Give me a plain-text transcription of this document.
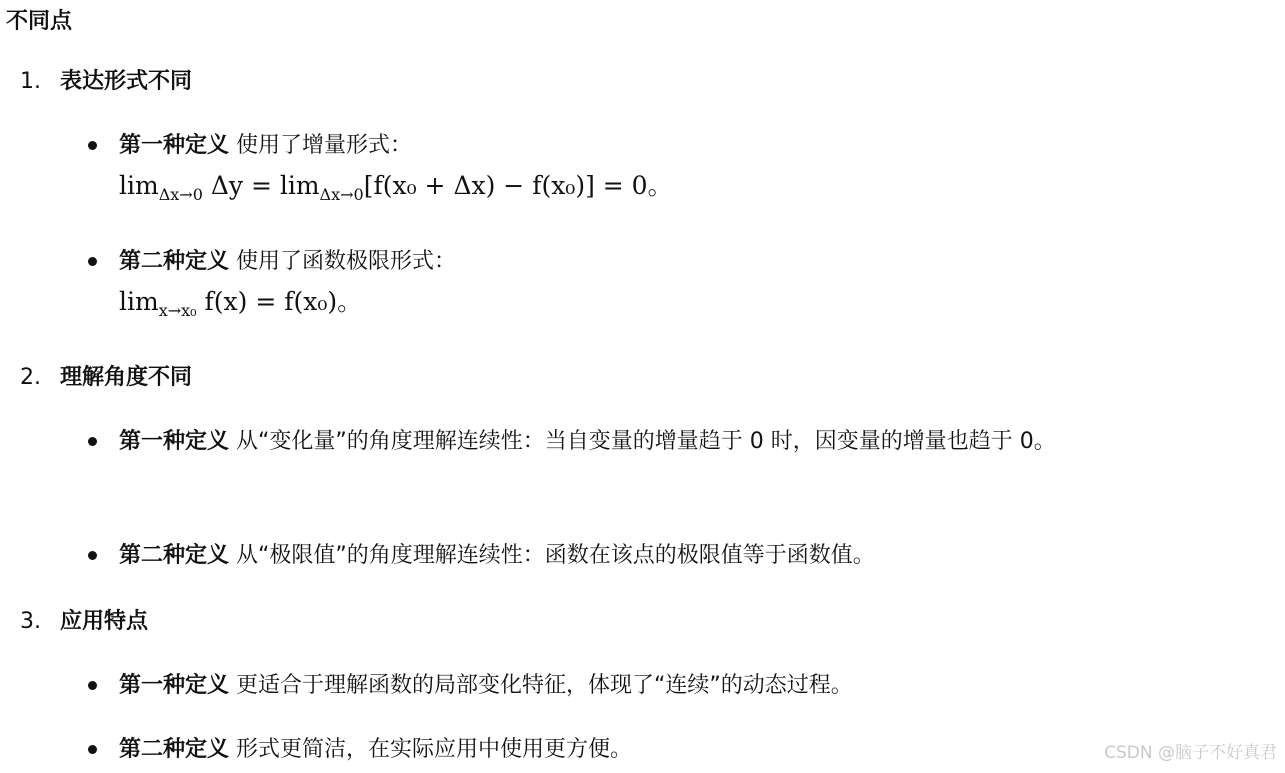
不同点
1. 表达形式不同
第一种定义 使用了增量形式：
$\lim_{\Delta x\to 0} \Delta y = \lim_{\Delta x\to 0}[f(x_0 + \Delta x) - f(x_0)] = 0$。
第二种定义 使用了函数极限形式：
$\lim_{x\to x_0} f(x) = f(x_0)$。
2. 理解角度不同
第一种定义 从“变化量”的角度理解连续性：当自变量的增量趋于 0 时，因变量的增量也趋于 0。
第二种定义 从“极限值”的角度理解连续性：函数在该点的极限值等于函数值。
3. 应用特点
第一种定义 更适合于理解函数的局部变化特征，体现了“连续”的动态过程。
第二种定义 形式更简洁，在实际应用中使用更方便。	CSDN @脑子不好真君
